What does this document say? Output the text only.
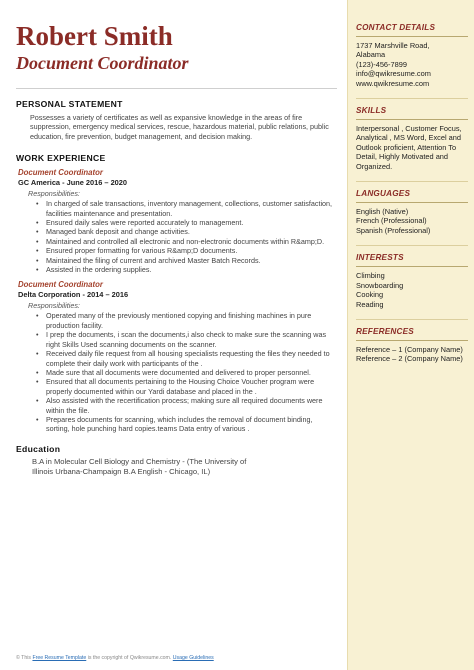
Robert Smith
Document Coordinator
PERSONAL STATEMENT
Possesses a variety of certificates as well as expansive knowledge in the areas of fire suppression, emergency medical services, rescue, hazardous material, public relations, public education, fire prevention, budget management, and decision making.
WORK EXPERIENCE
Document Coordinator
GC America - June 2016 – 2020
Responsibilities:
• In charged of sale transactions, inventory management, collections, customer satisfaction, facilities maintenance and presentation.
• Ensured daily sales were reported accurately to management.
• Managed bank deposit and change activities.
• Maintained and controlled all electronic and non-electronic documents within R&amp;D.
• Ensured proper formatting for various R&amp;D documents.
• Maintained the filing of current and archived Master Batch Records.
• Assisted in the ordering supplies.
Document Coordinator
Delta Corporation - 2014 – 2016
Responsibilities:
• Operated many of the previously mentioned copying and finishing machines in pure production facility.
• I prep the documents, i scan the documents,i also check to make sure the scanning was right Skills Used scanning documents on the scanner.
• Received daily file request from all housing specialists requesting the files they needed to complete their daily work with participants of the .
• Made sure that all documents were documented and delivered to proper personnel.
• Ensured that all documents pertaining to the Housing Choice Voucher program were properly documented within our Yardi database and placed in the .
• Also assisted with the recertification process; making sure all required documents were within the file.
• Prepares documents for scanning, which includes the removal of document binding, sorting, hole punching hard copies.teams Data entry of various .
Education
B.A in Molecular Cell Biology and Chemistry - (The University of
Illinois Urbana-Champaign B.A English - Chicago, IL)
© This Free Resume Template is the copyright of Qwikresume.com. Usage Guidelines
CONTACT DETAILS
1737 Marshville Road,
Alabama
(123)-456-7899
info@qwikresume.com
www.qwikresume.com
SKILLS
Interpersonal , Customer Focus, Analytical , MS Word, Excel and Outlook proficient, Attention To Detail, Highly Motivated and Organized.
LANGUAGES
English (Native)
French (Professional)
Spanish (Professional)
INTERESTS
Climbing
Snowboarding
Cooking
Reading
REFERENCES
Reference – 1 (Company Name)
Reference – 2 (Company Name)
